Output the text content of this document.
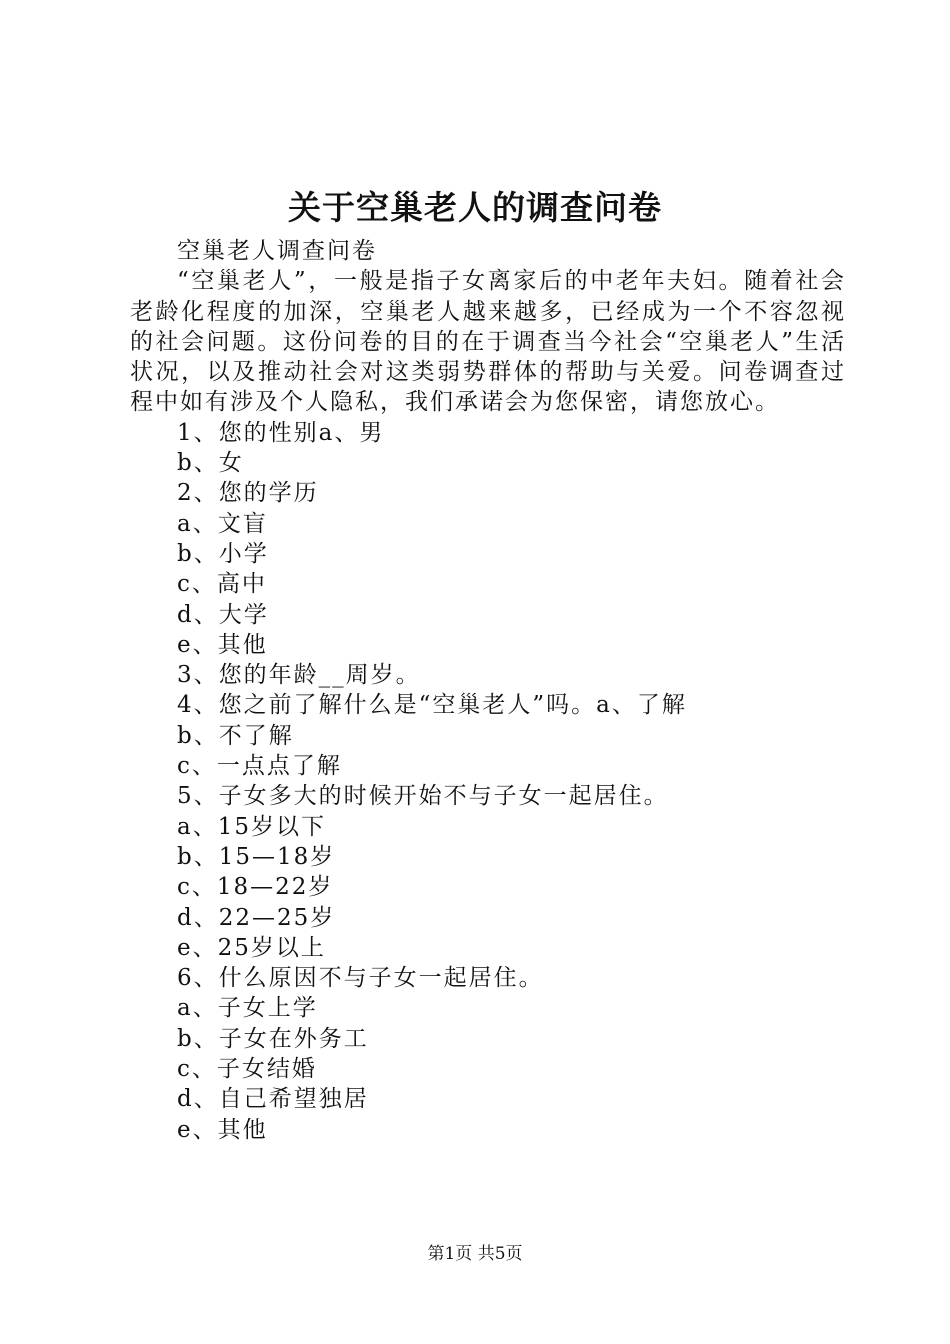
关于空巢老人的调查问卷
空巢老人调查问卷
“空巢老人”，一般是指子女离家后的中老年夫妇。随着社会老龄化程度的加深，空巢老人越来越多，已经成为一个不容忽视的社会问题。这份问卷的目的在于调查当今社会“空巢老人”生活状况，以及推动社会对这类弱势群体的帮助与关爱。问卷调查过程中如有涉及个人隐私，我们承诺会为您保密，请您放心。
1、您的性别a、男
b、女
2、您的学历
a、文盲
b、小学
c、高中
d、大学
e、其他
3、您的年龄__周岁。
4、您之前了解什么是“空巢老人”吗。a、了解
b、不了解
c、一点点了解
5、子女多大的时候开始不与子女一起居住。
a、15岁以下
b、15—18岁
c、18—22岁
d、22—25岁
e、25岁以上
6、什么原因不与子女一起居住。
a、子女上学
b、子女在外务工
c、子女结婚
d、自己希望独居
e、其他
第1页 共5页
